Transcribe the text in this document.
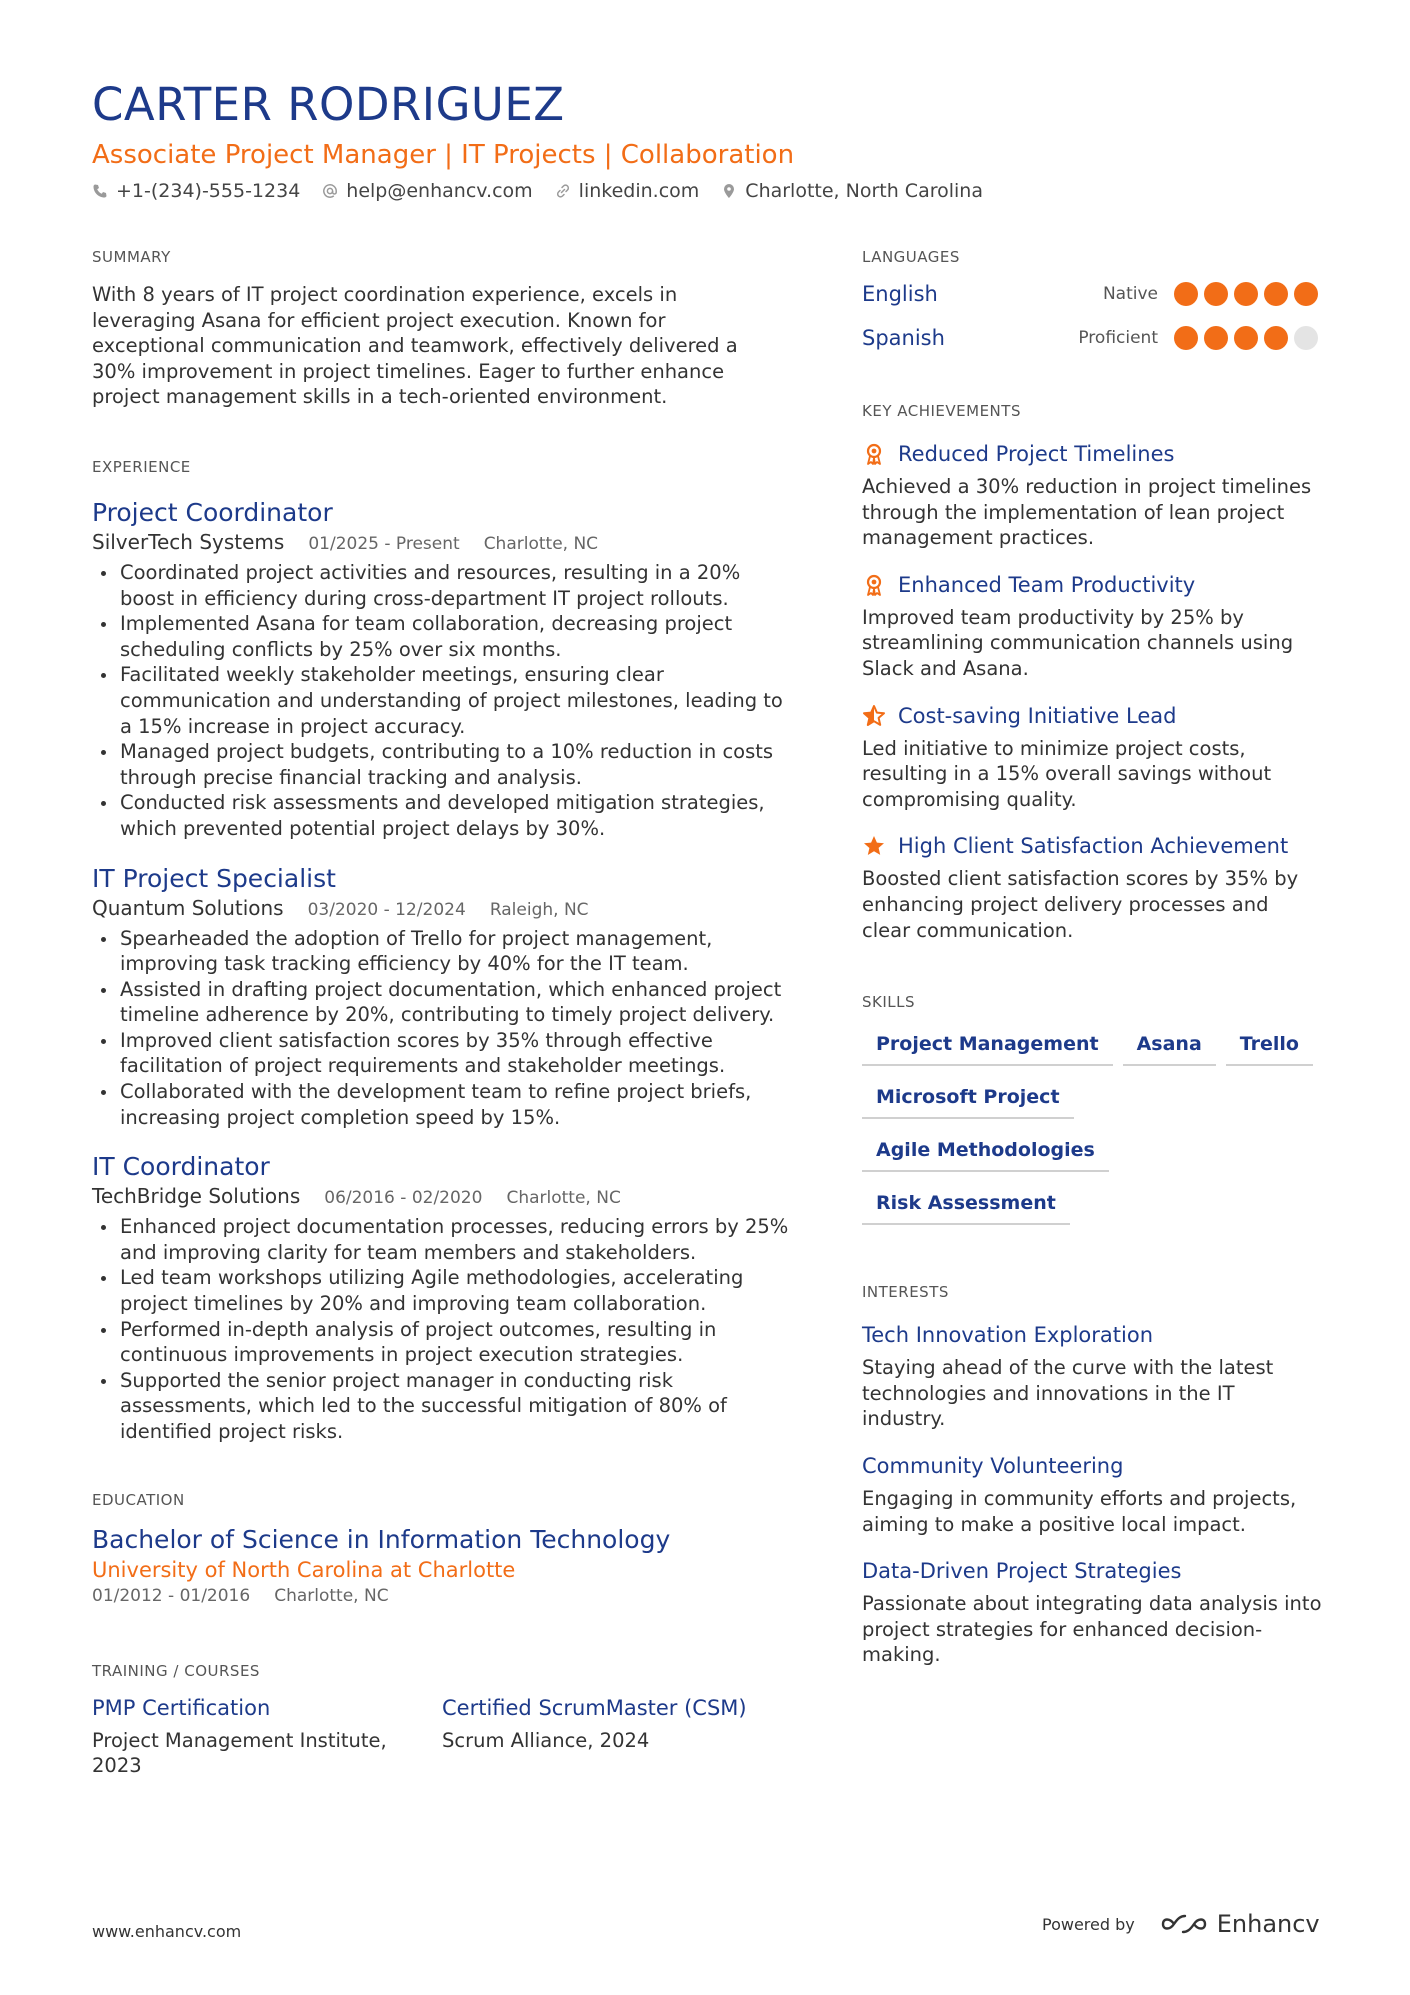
CARTER RODRIGUEZ
Associate Project Manager | IT Projects | Collaboration
+1-(234)-555-1234 help@enhancv.com linkedin.com Charlotte, North Carolina
SUMMARY

With 8 years of IT project coordination experience, excels in leveraging Asana for efficient project execution. Known for exceptional communication and teamwork, effectively delivered a 30% improvement in project timelines. Eager to further enhance project management skills in a tech-oriented environment.

EXPERIENCE
Project Coordinator
SilverTech Systems 01/2025 - Present Charlotte, NC
Coordinated project activities and resources, resulting in a 20% boost in efficiency during cross-department IT project rollouts.
Implemented Asana for team collaboration, decreasing project scheduling conflicts by 25% over six months.
Facilitated weekly stakeholder meetings, ensuring clear communication and understanding of project milestones, leading to a 15% increase in project accuracy.
Managed project budgets, contributing to a 10% reduction in costs through precise financial tracking and analysis.
Conducted risk assessments and developed mitigation strategies, which prevented potential project delays by 30%.
IT Project Specialist
Quantum Solutions 03/2020 - 12/2024 Raleigh, NC
Spearheaded the adoption of Trello for project management, improving task tracking efficiency by 40% for the IT team.
Assisted in drafting project documentation, which enhanced project timeline adherence by 20%, contributing to timely project delivery.
Improved client satisfaction scores by 35% through effective facilitation of project requirements and stakeholder meetings.
Collaborated with the development team to refine project briefs, increasing project completion speed by 15%.
IT Coordinator
TechBridge Solutions 06/2016 - 02/2020 Charlotte, NC
Enhanced project documentation processes, reducing errors by 25% and improving clarity for team members and stakeholders.
Led team workshops utilizing Agile methodologies, accelerating project timelines by 20% and improving team collaboration.
Performed in-depth analysis of project outcomes, resulting in continuous improvements in project execution strategies.
Supported the senior project manager in conducting risk assessments, which led to the successful mitigation of 80% of identified project risks.
EDUCATION
Bachelor of Science in Information Technology
University of North Carolina at Charlotte
01/2012 - 01/2016 Charlotte, NC
TRAINING / COURSES
PMP Certification
Project Management Institute, 2023
Certified ScrumMaster (CSM)
Scrum Alliance, 2024
LANGUAGES
English	Native
Spanish	Proficient
KEY ACHIEVEMENTS
Reduced Project Timelines

Achieved a 30% reduction in project timelines through the implementation of lean project management practices.

Enhanced Team Productivity

Improved team productivity by 25% by streamlining communication channels using Slack and Asana.

Cost-saving Initiative Lead

Led initiative to minimize project costs, resulting in a 15% overall savings without compromising quality.

High Client Satisfaction Achievement

Boosted client satisfaction scores by 35% by enhancing project delivery processes and clear communication.

SKILLS
Project Management	Asana	Trello
Microsoft Project
Agile Methodologies
Risk Assessment
INTERESTS
Tech Innovation Exploration

Staying ahead of the curve with the latest technologies and innovations in the IT industry.

Community Volunteering

Engaging in community efforts and projects, aiming to make a positive local impact.

Data-Driven Project Strategies

Passionate about integrating data analysis into project strategies for enhanced decision-making.

www.enhancv.com	Powered by	Enhancv
